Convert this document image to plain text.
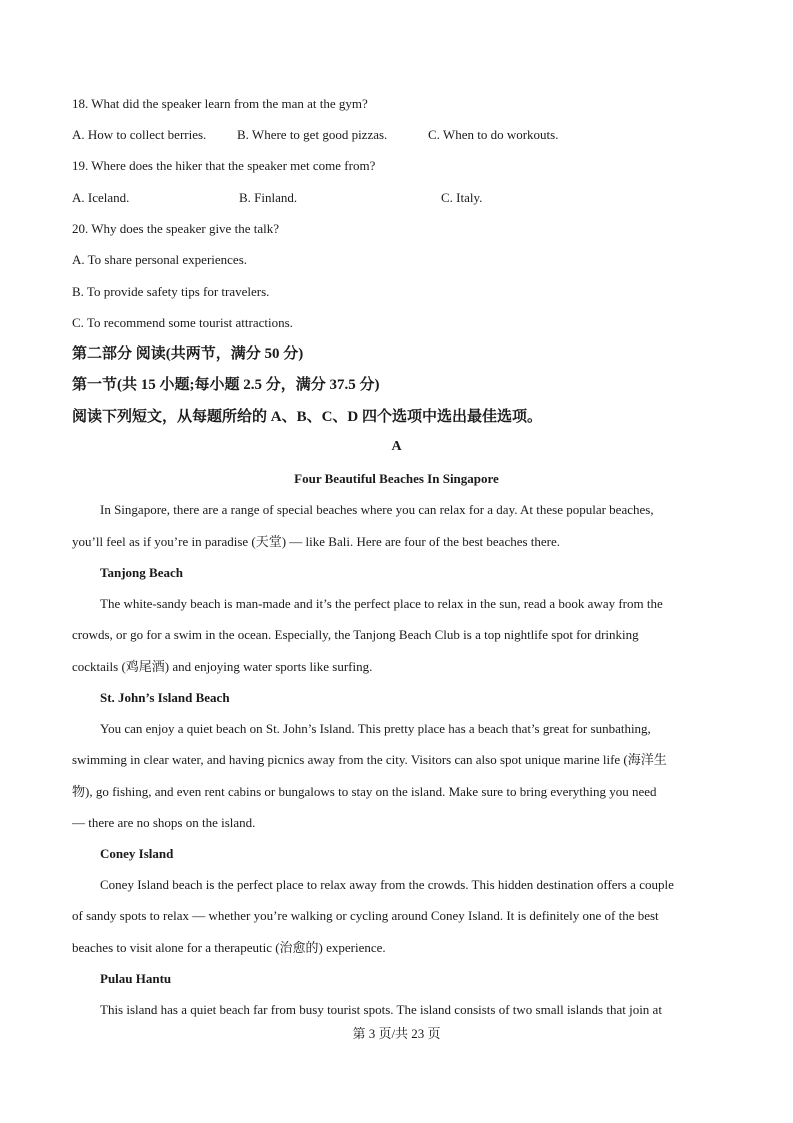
18. What did the speaker learn from the man at the gym?
A. How to collect berries. B. Where to get good pizzas.	C. When to do workouts.
19. Where does the hiker that the speaker met come from?
A. Iceland.	B. Finland.	C. Italy.
20. Why does the speaker give the talk?
A. To share personal experiences.
B. To provide safety tips for travelers.
C. To recommend some tourist attractions.
第二部分 阅读(共两节，满分 50 分)
第一节(共 15 小题;每小题 2.5 分，满分 37.5 分)
阅读下列短文，从每题所给的 A、B、C、D 四个选项中选出最佳选项。
A
Four Beautiful Beaches In Singapore
In Singapore, there are a range of special beaches where you can relax for a day. At these popular beaches,
you’ll feel as if you’re in paradise (天堂) — like Bali. Here are four of the best beaches there.
Tanjong Beach
The white-sandy beach is man-made and it’s the perfect place to relax in the sun, read a book away from the
crowds, or go for a swim in the ocean. Especially, the Tanjong Beach Club is a top nightlife spot for drinking
cocktails (鸡尾酒) and enjoying water sports like surfing.
St. John’s Island Beach
You can enjoy a quiet beach on St. John’s Island. This pretty place has a beach that’s great for sunbathing,
swimming in clear water, and having picnics away from the city. Visitors can also spot unique marine life (海洋生
物), go fishing, and even rent cabins or bungalows to stay on the island. Make sure to bring everything you need
— there are no shops on the island.
Coney Island
Coney Island beach is the perfect place to relax away from the crowds. This hidden destination offers a couple
of sandy spots to relax — whether you’re walking or cycling around Coney Island. It is definitely one of the best
beaches to visit alone for a therapeutic (治愈的) experience.
Pulau Hantu
This island has a quiet beach far from busy tourist spots. The island consists of two small islands that join at
第 3 页/共 23 页
